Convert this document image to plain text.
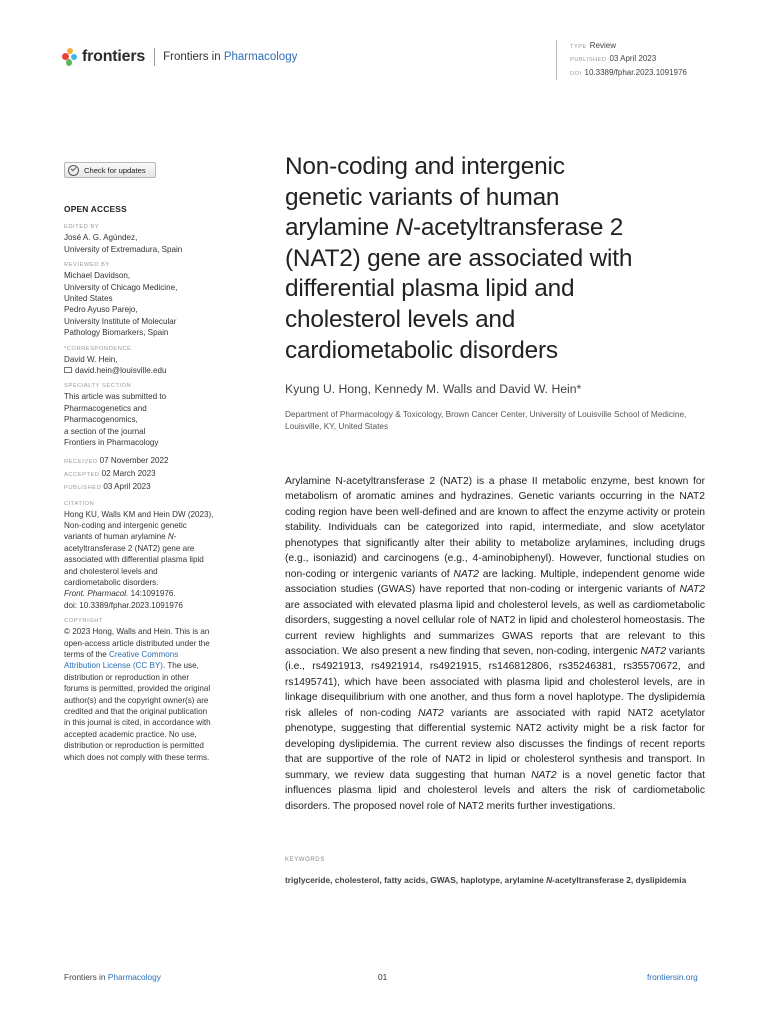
frontiers Frontiers in Pharmacology
TYPE Review
PUBLISHED 03 April 2023
DOI 10.3389/fphar.2023.1091976
Check for updates
OPEN ACCESS
EDITED BY
José A. G. Agúndez,
University of Extremadura, Spain
REVIEWED BY
Michael Davidson,
University of Chicago Medicine,
United States
Pedro Ayuso Parejo,
University Institute of Molecular
Pathology Biomarkers, Spain
*CORRESPONDENCE
David W. Hein,
david.hein@louisville.edu
SPECIALTY SECTION
This article was submitted to
Pharmacogenetics and
Pharmacogenomics,
a section of the journal
Frontiers in Pharmacology
RECEIVED 07 November 2022
ACCEPTED 02 March 2023
PUBLISHED 03 April 2023
CITATION
Hong KU, Walls KM and Hein DW (2023),
Non-coding and intergenic genetic
variants of human arylamine N-
acetyltransferase 2 (NAT2) gene are
associated with differential plasma lipid
and cholesterol levels and
cardiometabolic disorders.
Front. Pharmacol. 14:1091976.
doi: 10.3389/fphar.2023.1091976
COPYRIGHT
© 2023 Hong, Walls and Hein. This is an
open-access article distributed under the
terms of the Creative Commons
Attribution License (CC BY). The use,
distribution or reproduction in other
forums is permitted, provided the original
author(s) and the copyright owner(s) are
credited and that the original publication
in this journal is cited, in accordance with
accepted academic practice. No use,
distribution or reproduction is permitted
which does not comply with these terms.
Non-coding and intergenic
genetic variants of human
arylamine N-acetyltransferase 2
(NAT2) gene are associated with
differential plasma lipid and
cholesterol levels and
cardiometabolic disorders
Kyung U. Hong, Kennedy M. Walls and David W. Hein*
Department of Pharmacology & Toxicology, Brown Cancer Center, University of Louisville School of Medicine, Louisville, KY, United States
Arylamine N-acetyltransferase 2 (NAT2) is a phase II metabolic enzyme, best known for metabolism of aromatic amines and hydrazines. Genetic variants occurring in the NAT2 coding region have been well-defined and are known to affect the enzyme activity or protein stability. Individuals can be categorized into rapid, intermediate, and slow acetylator phenotypes that significantly alter their ability to metabolize arylamines, including drugs (e.g., isoniazid) and carcinogens (e.g., 4-aminobiphenyl). However, functional studies on non-coding or intergenic variants of NAT2 are lacking. Multiple, independent genome wide association studies (GWAS) have reported that non-coding or intergenic variants of NAT2 are associated with elevated plasma lipid and cholesterol levels, as well as cardiometabolic disorders, suggesting a novel cellular role of NAT2 in lipid and cholesterol homeostasis. The current review highlights and summarizes GWAS reports that are relevant to this association. We also present a new finding that seven, non-coding, intergenic NAT2 variants (i.e., rs4921913, rs4921914, rs4921915, rs146812806, rs35246381, rs35570672, and rs1495741), which have been associated with plasma lipid and cholesterol levels, are in linkage disequilibrium with one another, and thus form a novel haplotype. The dyslipidemia risk alleles of non-coding NAT2 variants are associated with rapid NAT2 acetylator phenotype, suggesting that differential systemic NAT2 activity might be a risk factor for developing dyslipidemia. The current review also discusses the findings of recent reports that are supportive of the role of NAT2 in lipid or cholesterol synthesis and transport. In summary, we review data suggesting that human NAT2 is a novel genetic factor that influences plasma lipid and cholesterol levels and alters the risk of cardiometabolic disorders. The proposed novel role of NAT2 merits further investigations.
KEYWORDS
triglyceride, cholesterol, fatty acids, GWAS, haplotype, arylamine N-acetyltransferase 2, dyslipidemia
Frontiers in Pharmacology	01	frontiersin.org
